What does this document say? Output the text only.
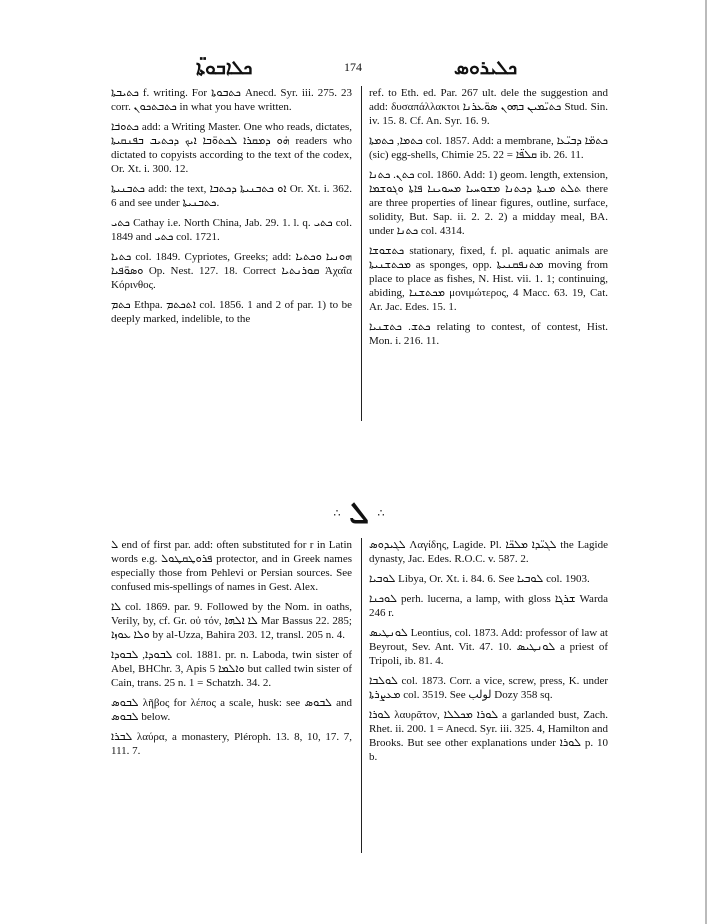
ܟܠܐܒܘܬ̈ܐ	174	ܟܠܝܪܘܣ

ܟܬܝܒܬܐ f. writing. For ܟܬܒܘܬܐ Anecd. Syr. iii. 275. 23 corr. ܟܬܒܬܟܘܢ in what you have written.

ܟܬܘܒ݁ܐ add: a Writing Master. One who reads, dictates, ܗ̇ܘ ܕܡܩܪܐ ܠܟܬܘ̈ܒܐ ܐܝܟ ܕܟܬܝܒ ܒܦܢܩܝܬܐ readers who dictated to copyists according to the text of the codex, Or. Xt. i. 300. 12.

ܟܬܒܢܝܬܐ add: the text, ܐܘ ܟܬܒܢܝܬܐ ܕܟܬܒܐ Or. Xt. i. 362. 6 and see under ܟܬܒܢܝܬܐ.

ܟܬܝ Cathay i.e. North China, Jab. 29. 1. l. q. ܟܬܝ col. 1849 and ܟܬܝ col. 1721.

ܟܬܝܐ col. 1849. Cypriotes, Greeks; add: ܗܘܢܝܐ ܘܟܬܝܐ ܘܣܘ̈ܦܝܐ Op. Nest. 127. 18. Correct ܩܘܪܢܬܝܐ Ἀχαΐα Κόρινθος.

ܟܬܡ Ethpa. ܐܬܟܬܡ col. 1856. 1 and 2 of par. 1) to be deeply marked, indelible, to the

ref. to Eth. ed. Par. 267 ult. dele the suggestion and add: δυσαπάλλακτοι ܟܬܝ̈ܡܝܢ ܒܗܘܢ ܣܘ̈ܥܪܢܐ Stud. Sin. iv. 15. 8. Cf. An. Syr. 16. 9.

ܟܬܡܐ, ܟܬܡܬܐ col. 1857. Add: a membrane, ܟܬܡ̈ܐ ܕܒܝ̈ܥܐ (sic) egg-shells, Chimie 25. 22 = ܩܠܦ̈ܐ ib. 26. 11.

ܟܬܢ. ܟܬܢܐ col. 1860. Add: 1) geom. length, extension, ܬܠܬ ܡܢܬܐ ܕܟܬܢܐ ܡܫܘܚܝܐ ܡܚܘܝܢܐ ܦܐܬܐ ܘܓܘܫܡܐ there are three properties of linear figures, outline, surface, solidity, But. Sap. ii. 2. 2. 2) a midday meal, BA. under ܟܬܢܐ col. 4314.

ܟܬܫܘܫܐ stationary, fixed, f. pl. aquatic animals are ܡܟܬܫܢܝܬܐ as sponges, opp. ܡܬܢܦܩܢܝܬܐ moving from place to place as fishes, N. Hist. vii. 1. 1; continuing, abiding, ܡܟܬܫܢܐ μονιμώτερος, 4 Macc. 63. 19, Cat. Ar. Jac. Edes. 15. 1.

ܟܬܫ. ܟܬܫܢܝܐ relating to contest, of contest, Hist. Mon. i. 216. 11.

∴ ܠ ∴

ܠ end of first par. add: often substituted for r in Latin words e.g. ܦܪܘܛܩܛܘܠ protector, and in Greek names especially those from Pehlevi or Persian sources. See confused mis-spellings of names in Gest. Alex.

ܠܐ col. 1869. par. 9. Followed by the Nom. in oaths, Verily, by, cf. Gr. οὐ τόν, ܠܐ ܐܠܗܐ Mar Bassus 22. 285; ܘܠܐ ܥܘܙܐ by al-Uzza, Bahira 203. 12, transl. 205 n. 4.

ܠܒܘܕܐ, ܠܒܘܕܐ col. 1881. pr. n. Laboda, twin sister of Abel, BHChr. 3, Apis ܘܐܠܡܐ 5 but called twin sister of Cain, trans. 25 n. 1 = Schatzh. 34. 2.

ܠܒܘܣ λῆβος for λέπος a scale, husk: see ܠܒܘܣ and ܠܒܘܣ below.

ܠܒܪܐ λαύρα, a monastery, Pléroph. 13. 8, 10, 17. 7, 111. 7.

ܠܓܝܕܘܣ Λαγίδης, Lagide. Pl. ܠܓܝ̈ܕܐ ܡܠܟ̈ܐ the Lagide dynasty, Jac. Edes. R.O.C. v. 587. 2.

ܠܘܒܝܐ Libya, Or. Xt. i. 84. 6. See ܠܘܒܝܐ col. 1903.

ܠܘܟܢܐ perh. lucerna, a lamp, with gloss ܫܪܓܐ Warda 246 r.

ܠܘܢܛܝܣ Leontius, col. 1873. Add: professor of law at Beyrout, Sev. Ant. Vit. 47. 10. ܠܘܢܛܝܣ a priest of Tripoli, ib. 81. 4.

ܠܘܠܒܐ col. 1873. Corr. a vice, screw, press, K. under ܡܥܨܪܬܐ col. 3519. See لولب Dozy 358 sq.

ܠܘܪܐ λαυρᾶτον, ܠܘܪܐ ܡܟܠܠܐ a garlanded bust, Zach. Rhet. ii. 200. 1 = Anecd. Syr. iii. 325. 4, Hamilton and Brooks. But see other explanations under ܠܘܪܐ p. 10 b.
